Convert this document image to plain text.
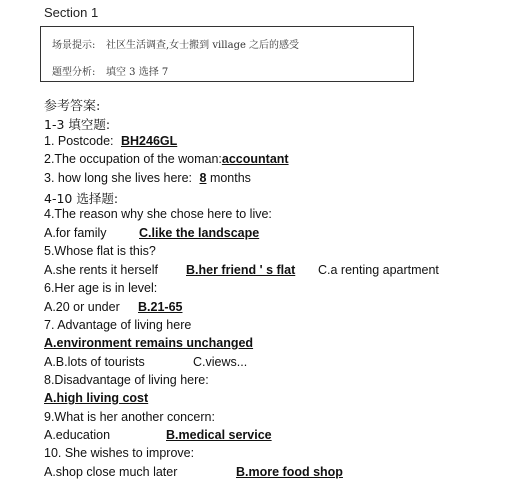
Section 1
场景提示:	社区生活调查,女士搬到 village 之后的感受
题型分析:	填空 3 选择 7
参考答案:
1-3 填空题:
1. Postcode: BH246GL
2.The occupation of the woman:accountant
3. how long she lives here: 8 months
4-10 选择题:
4.The reason why she chose here to live:
A.for family	C.like the landscape
5.Whose flat is this?
A.she rents it herself B.her friend ' s flat C.a renting apartment
6.Her age is in level:
A.20 or under B.21-65
7. Advantage of living here
A.environment remains unchanged
A.B.lots of tourists	C.views...
8.Disadvantage of living here:
A.high living cost
9.What is her another concern:
A.education	B.medical service
10. She wishes to improve:
A.shop close much later	B.more food shop
